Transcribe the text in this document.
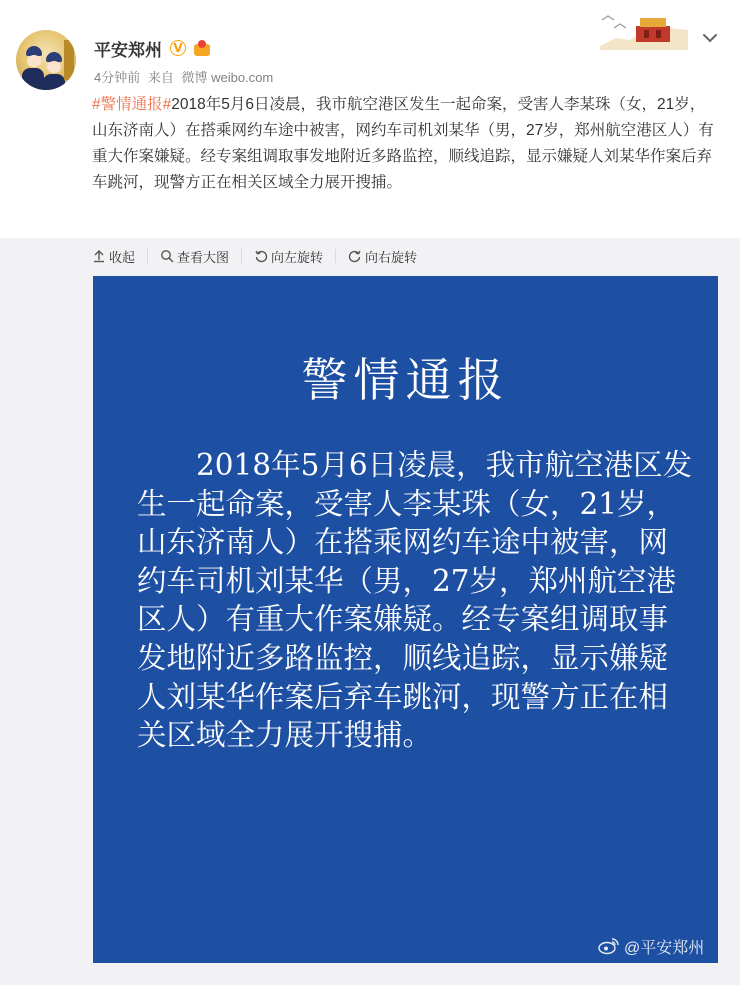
平安郑州 V
4分钟前 来自 微博 weibo.com
#警情通报#2018年5月6日凌晨，我市航空港区发生一起命案，受害人李某珠（女，21岁，山东济南人）在搭乘网约车途中被害，网约车司机刘某华（男，27岁，郑州航空港区人）有重大作案嫌疑。经专案组调取事发地附近多路监控，顺线追踪，显示嫌疑人刘某华作案后弃车跳河，现警方正在相关区域全力展开搜捕。
收起	查看大图	向左旋转	向右旋转
警情通报
2018年5月6日凌晨，我市航空港区发生一起命案，受害人李某珠（女，21岁，山东济南人）在搭乘网约车途中被害，网约车司机刘某华（男，27岁，郑州航空港区人）有重大作案嫌疑。经专案组调取事发地附近多路监控，顺线追踪，显示嫌疑人刘某华作案后弃车跳河，现警方正在相关区域全力展开搜捕。
@平安郑州
